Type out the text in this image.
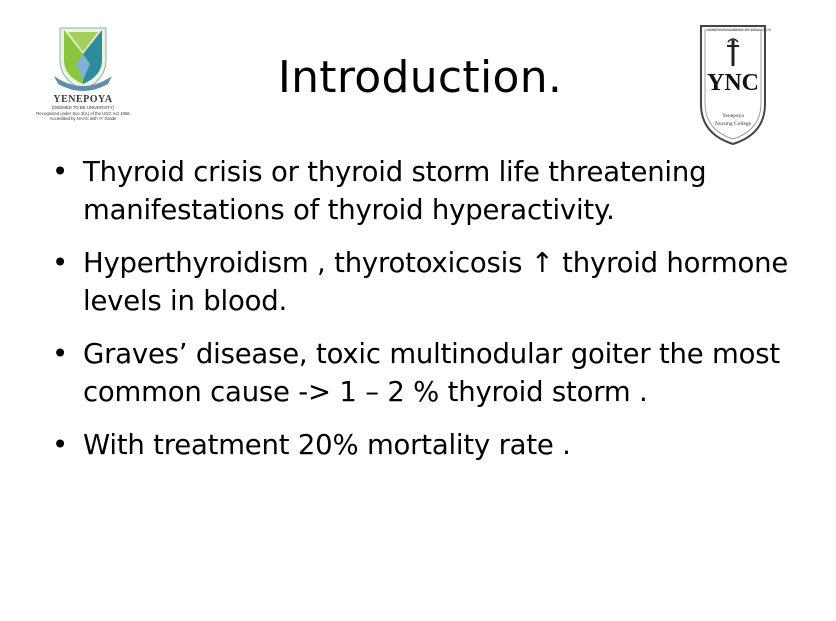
YENEPOYA
(DEEMED TO BE UNIVERSITY)
Recognized under Sec 3(A) of the UGC Act 1956
Accredited by NAAC with 'A' Grade
YNC
YENEPOYA ACADEMY OF EDUCATION
Yenepoya
Nursing College
Introduction.
• Thyroid crisis or thyroid storm life threatening manifestations of thyroid hyperactivity.
• Hyperthyroidism , thyrotoxicosis ↑ thyroid hormone levels in blood.
• Graves’ disease, toxic multinodular goiter the most common cause -> 1 – 2 % thyroid storm .
• With treatment 20% mortality rate .
